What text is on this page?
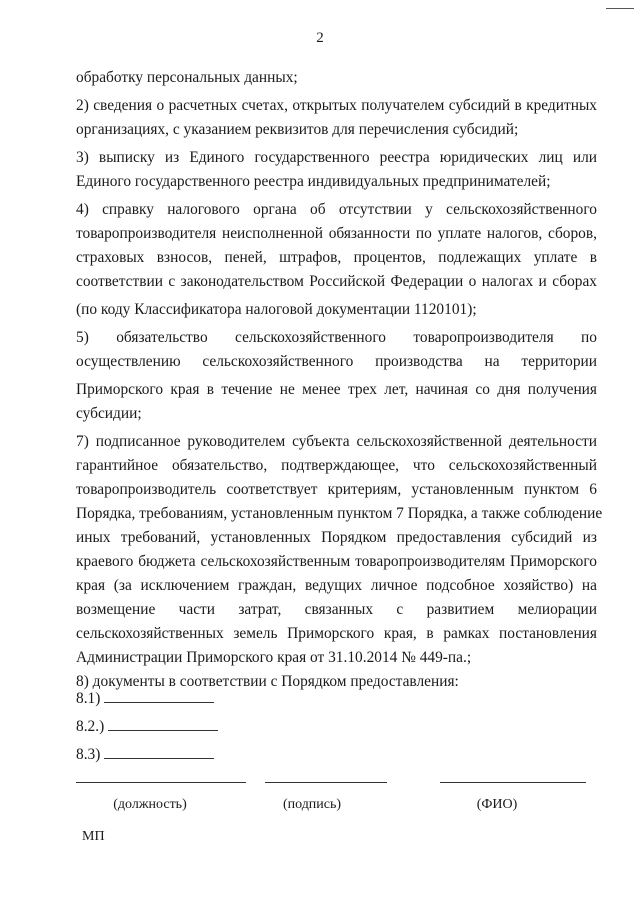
2
обработку персональных данных;
2) сведения о расчетных счетах, открытых получателем субсидий в кредитных
организациях, с указанием реквизитов для перечисления субсидий;
3) выписку из Единого государственного реестра юридических лиц или
Единого государственного реестра индивидуальных предпринимателей;
4) справку налогового органа об отсутствии у сельскохозяйственного
товаропроизводителя неисполненной обязанности по уплате налогов, сборов,
страховых взносов, пеней, штрафов, процентов, подлежащих уплате в
соответствии с законодательством Российской Федерации о налогах и сборах
(по коду Классификатора налоговой документации 1120101);
5) обязательство сельскохозяйственного товаропроизводителя по
осуществлению сельскохозяйственного производства на территории
Приморского края в течение не менее трех лет, начиная со дня получения
субсидии;
7) подписанное руководителем субъекта сельскохозяйственной деятельности
гарантийное обязательство, подтверждающее, что сельскохозяйственный
товаропроизводитель соответствует критериям, установленным пунктом 6
Порядка, требованиям, установленным пунктом 7 Порядка, а также соблюдение
иных требований, установленных Порядком предоставления субсидий из
краевого бюджета сельскохозяйственным товаропроизводителям Приморского
края (за исключением граждан, ведущих личное подсобное хозяйство) на
возмещение части затрат, связанных с развитием мелиорации
сельскохозяйственных земель Приморского края, в рамках постановления
Администрации Приморского края от 31.10.2014 № 449-па.;
8) документы в соответствии с Порядком предоставления:
8.1)
8.2.)
8.3)
(должность)	(подпись)	(ФИО)
МП
